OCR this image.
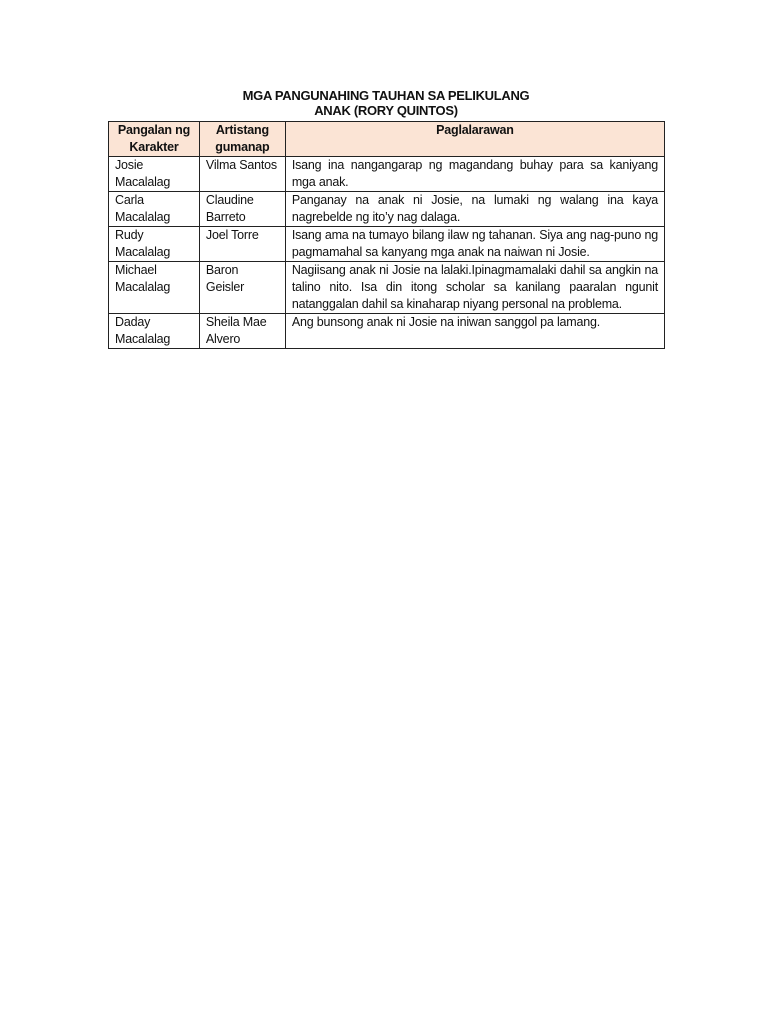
MGA PANGUNAHING TAUHAN SA PELIKULANG
ANAK (RORY QUINTOS)
Pangalan ng Karakter	Artistang gumanap	Paglalarawan
Josie Macalalag	Vilma Santos	Isang ina nangangarap ng magandang buhay para sa kaniyang mga anak.
Carla Macalalag	Claudine Barreto	Panganay na anak ni Josie, na lumaki ng walang ina kaya nagrebelde ng ito’y nag dalaga.
Rudy Macalalag	Joel Torre	Isang ama na tumayo bilang ilaw ng tahanan. Siya ang nag-puno ng pagmamahal sa kanyang mga anak na naiwan ni Josie.
Michael Macalalag	Baron Geisler	Nagiisang anak ni Josie na lalaki.Ipinagmamalaki dahil sa angkin na talino nito. Isa din itong scholar sa kanilang paaralan ngunit natanggalan dahil sa kinaharap niyang personal na problema.
Daday Macalalag	Sheila Mae Alvero	Ang bunsong anak ni Josie na iniwan sanggol pa lamang.
